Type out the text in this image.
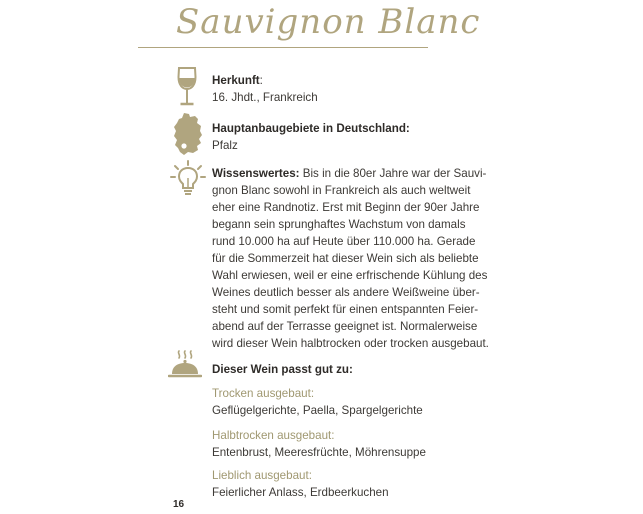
Sauvignon Blanc
Herkunft:
16. Jhdt., Frankreich
Hauptanbaugebiete in Deutschland:
Pfalz
Wissenswertes: Bis in die 80er Jahre war der Sauvi-
gnon Blanc sowohl in Frankreich als auch weltweit
eher eine Randnotiz. Erst mit Beginn der 90er Jahre
begann sein sprunghaftes Wachstum von damals
rund 10.000 ha auf Heute über 110.000 ha. Gerade
für die Sommerzeit hat dieser Wein sich als beliebte
Wahl erwiesen, weil er eine erfrischende Kühlung des
Weines deutlich besser als andere Weißweine über-
steht und somit perfekt für einen entspannten Feier-
abend auf der Terrasse geeignet ist. Normalerweise
wird dieser Wein halbtrocken oder trocken ausgebaut.
Dieser Wein passt gut zu:
Trocken ausgebaut:
Geflügelgerichte, Paella, Spargelgerichte
Halbtrocken ausgebaut:
Entenbrust, Meeresfrüchte, Möhrensuppe
Lieblich ausgebaut:
Feierlicher Anlass, Erdbeerkuchen
16
